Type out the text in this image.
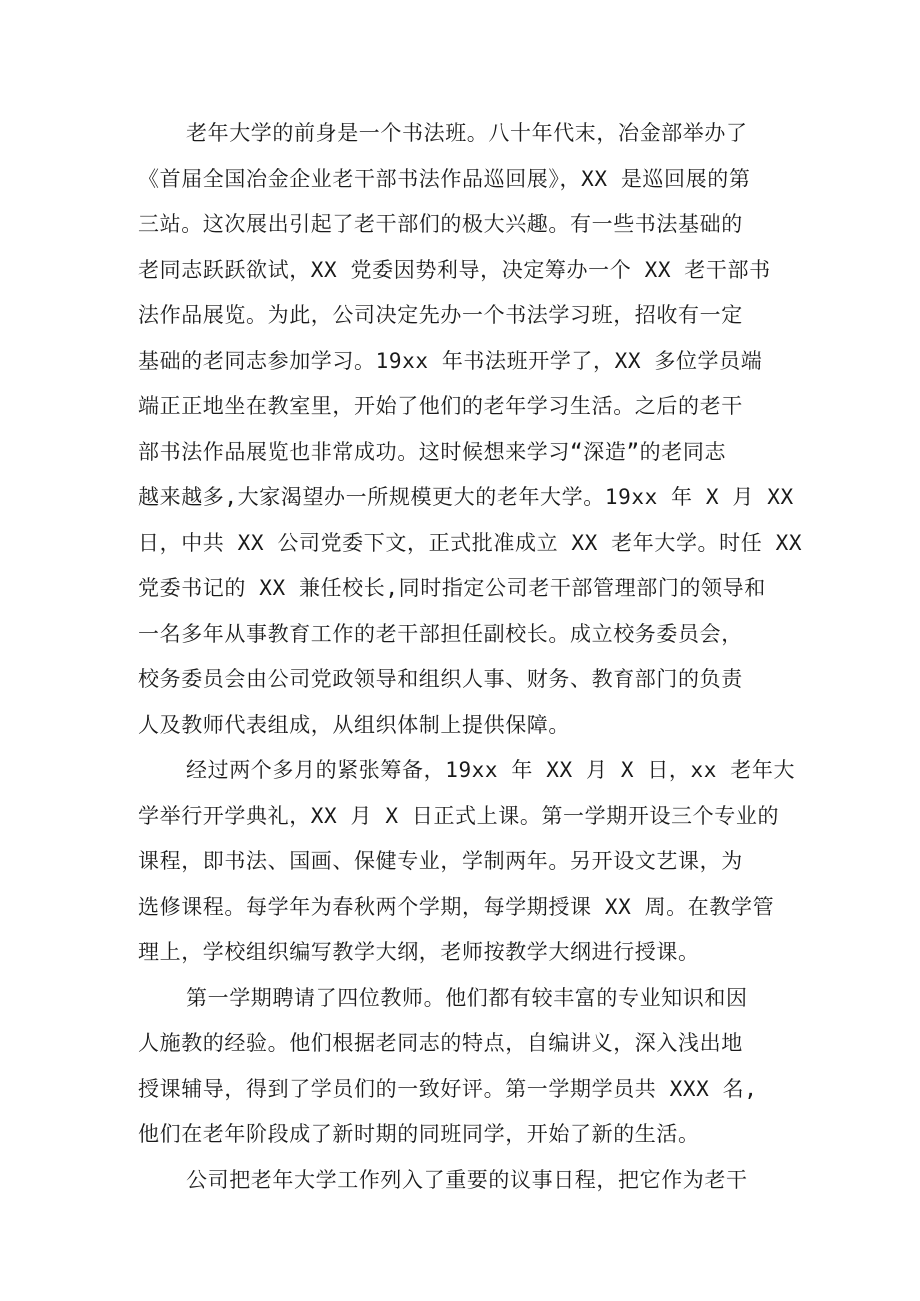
老年大学的前身是一个书法班。八十年代末，冶金部举办了
《首届全国冶金企业老干部书法作品巡回展》，XX 是巡回展的第
三站。这次展出引起了老干部们的极大兴趣。有一些书法基础的
老同志跃跃欲试，XX 党委因势利导，决定筹办一个 XX 老干部书
法作品展览。为此，公司决定先办一个书法学习班，招收有一定
基础的老同志参加学习。19xx 年书法班开学了，XX 多位学员端
端正正地坐在教室里，开始了他们的老年学习生活。之后的老干
部书法作品展览也非常成功。这时候想来学习“深造”的老同志
越来越多,大家渴望办一所规模更大的老年大学。19xx 年 X 月 XX
日，中共 XX 公司党委下文，正式批准成立 XX 老年大学。时任 XX
党委书记的 XX 兼任校长,同时指定公司老干部管理部门的领导和
一名多年从事教育工作的老干部担任副校长。成立校务委员会，
校务委员会由公司党政领导和组织人事、财务、教育部门的负责
人及教师代表组成，从组织体制上提供保障。
经过两个多月的紧张筹备，19xx 年 XX 月 X 日，xx 老年大
学举行开学典礼，XX 月 X 日正式上课。第一学期开设三个专业的
课程，即书法、国画、保健专业，学制两年。另开设文艺课，为
选修课程。每学年为春秋两个学期，每学期授课 XX 周。在教学管
理上，学校组织编写教学大纲，老师按教学大纲进行授课。
第一学期聘请了四位教师。他们都有较丰富的专业知识和因
人施教的经验。他们根据老同志的特点，自编讲义，深入浅出地
授课辅导，得到了学员们的一致好评。第一学期学员共 XXX 名,
他们在老年阶段成了新时期的同班同学，开始了新的生活。
公司把老年大学工作列入了重要的议事日程，把它作为老干
